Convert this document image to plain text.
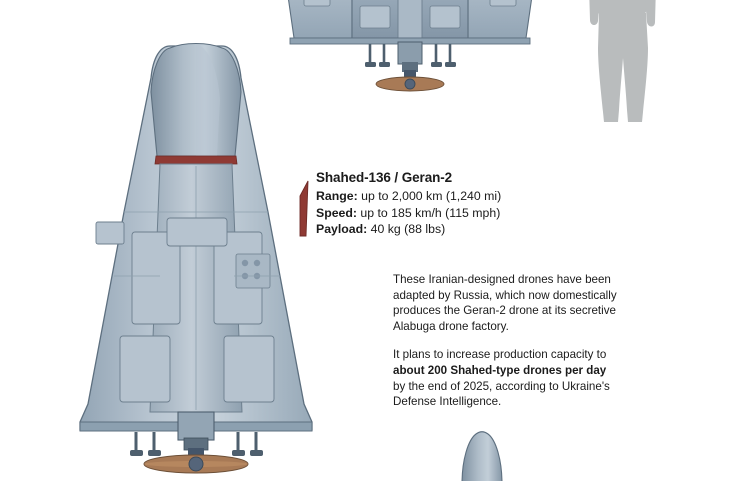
Shahed-136 / Geran-2
Range: up to 2,000 km (1,240 mi)
Speed: up to 185 km/h (115 mph)
Payload: 40 kg (88 lbs)

These Iranian-designed drones have been adapted by Russia, which now domestically produces the Geran-2 drone at its secretive Alabuga drone factory.

It plans to increase production capacity to about 200 Shahed-type drones per day by the end of 2025, according to Ukraine's Defense Intelligence.
